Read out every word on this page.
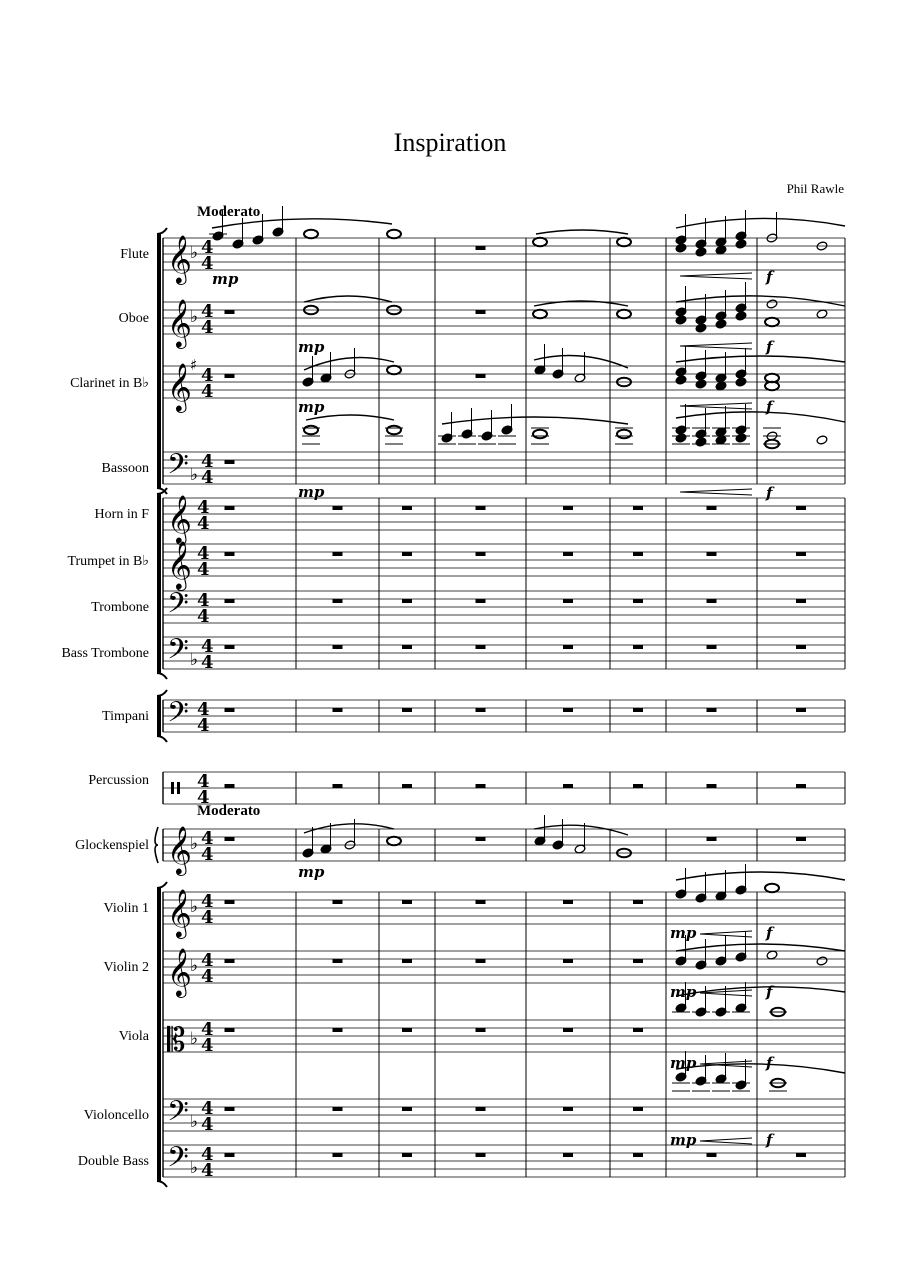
Inspiration
Phil Rawle
Moderato
Moderato
Flute
Oboe
Clarinet in B♭
Bassoon
Horn in F
Trumpet in B♭
Trombone
Bass Trombone
Timpani
Percussion
Glockenspiel
Violin 1
Violin 2
Viola
Violoncello
Double Bass
𝄞
𝄞
𝄞
𝄢
𝄞
𝄞
𝄢
𝄢
𝄢
𝄞
𝄞
𝄞
𝄡
𝄢
𝄢
♭
♭
♯
♭
♭
♭
♭
♭
♭
♭
♭
4
4
4
4
4
4
4
4
4
4
4
4
4
4
4
4
4
4
4
4
4
4
4
4
4
4
4
4
4
4
4
4
mp	f
mp	f
mp	f
mp	f
mp
mp	f
mp	f
mp	f
mp	f
